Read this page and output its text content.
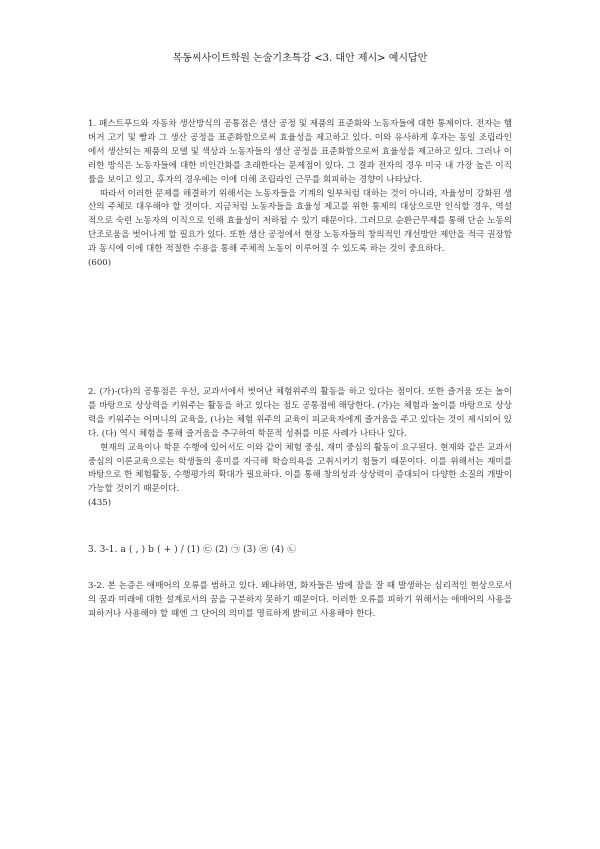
목동씨사이트학원 논술기초특강 <3. 대안 제시> 예시답안

1. 패스트푸드와 자동차 생산방식의 공통점은 생산 공정 및 제품의 표준화와 노동자들에 대한 통제이다. 전자는 햄버거 고기 및 빵과 그 생산 공정을 표준화함으로써 효율성을 제고하고 있다. 이와 유사하게 후자는 동일 조립라인에서 생산되는 제품의 모델 및 색상과 노동자들의 생산 공정을 표준화함으로써 효율성을 제고하고 있다. 그러나 이러한 방식은 노동자들에 대한 비인간화를 초래한다는 문제점이 있다. 그 결과 전자의 경우 미국 내 가장 높은 이직률을 보이고 있고, 후자의 경우에는 이에 더해 조립라인 근무를 회피하는 경향이 나타났다.

따라서 이러한 문제를 해결하기 위해서는 노동자들을 기계의 일부처럼 대하는 것이 아니라, 자율성이 강화된 생산의 주체로 대우해야 할 것이다. 지금처럼 노동자들을 효율성 제고를 위한 통제의 대상으로만 인식할 경우, 역설적으로 숙련 노동자의 이직으로 인해 효율성이 저하될 수 있기 때문이다. 그러므로 순환근무제를 통해 단순 노동의 단조로움을 벗어나게 할 필요가 있다. 또한 생산 공정에서 현장 노동자들의 창의적인 개선방안 제안을 적극 권장함과 동시에 이에 대한 적절한 수용을 통해 주체적 노동이 이루어질 수 있도록 하는 것이 중요하다.

(600)

2. (가)-(다)의 공통점은 우선, 교과서에서 벗어난 체험위주의 활동을 하고 있다는 점이다. 또한 즐거움 또는 놀이를 바탕으로 상상력을 키워주는 활동을 하고 있다는 점도 공통점에 해당한다. (가)는 체험과 놀이를 바탕으로 상상력을 키워주는 어머니의 교육을, (나)는 체험 위주의 교육이 피교육자에게 즐거움을 주고 있다는 것이 제시되어 있다. (다) 역시 체험을 통해 즐거움을 추구하여 학문적 성취를 이룬 사례가 나타나 있다.

현재의 교육이나 학문 수행에 있어서도 이와 같이 체험 중심, 재미 중심의 활동이 요구된다. 현재와 같은 교과서 중심의 이론교육으로는 학생들의 흥미를 자극해 학습의욕을 고취시키기 힘들기 때문이다. 이를 위해서는 재미를 바탕으로 한 체험활동, 수행평가의 확대가 필요하다. 이를 통해 창의성과 상상력이 증대되어 다양한 소질의 개발이 가능할 것이기 때문이다.

(435)

3. 3-1. a ( , ) b ( + ) / (1) ㉢ (2) ㉠ (3) ㉣ (4) ㉡

3-2. 본 논증은 애매어의 오류를 범하고 있다. 왜냐하면, 화자들은 밤에 잠을 잘 때 발생하는 심리적인 현상으로서의 꿈과 미래에 대한 설계로서의 꿈을 구분하지 못하기 때문이다. 이러한 오류를 피하기 위해서는 애매어의 사용을 피하거나 사용해야 할 때엔 그 단어의 의미를 명료하게 밝히고 사용해야 한다.
